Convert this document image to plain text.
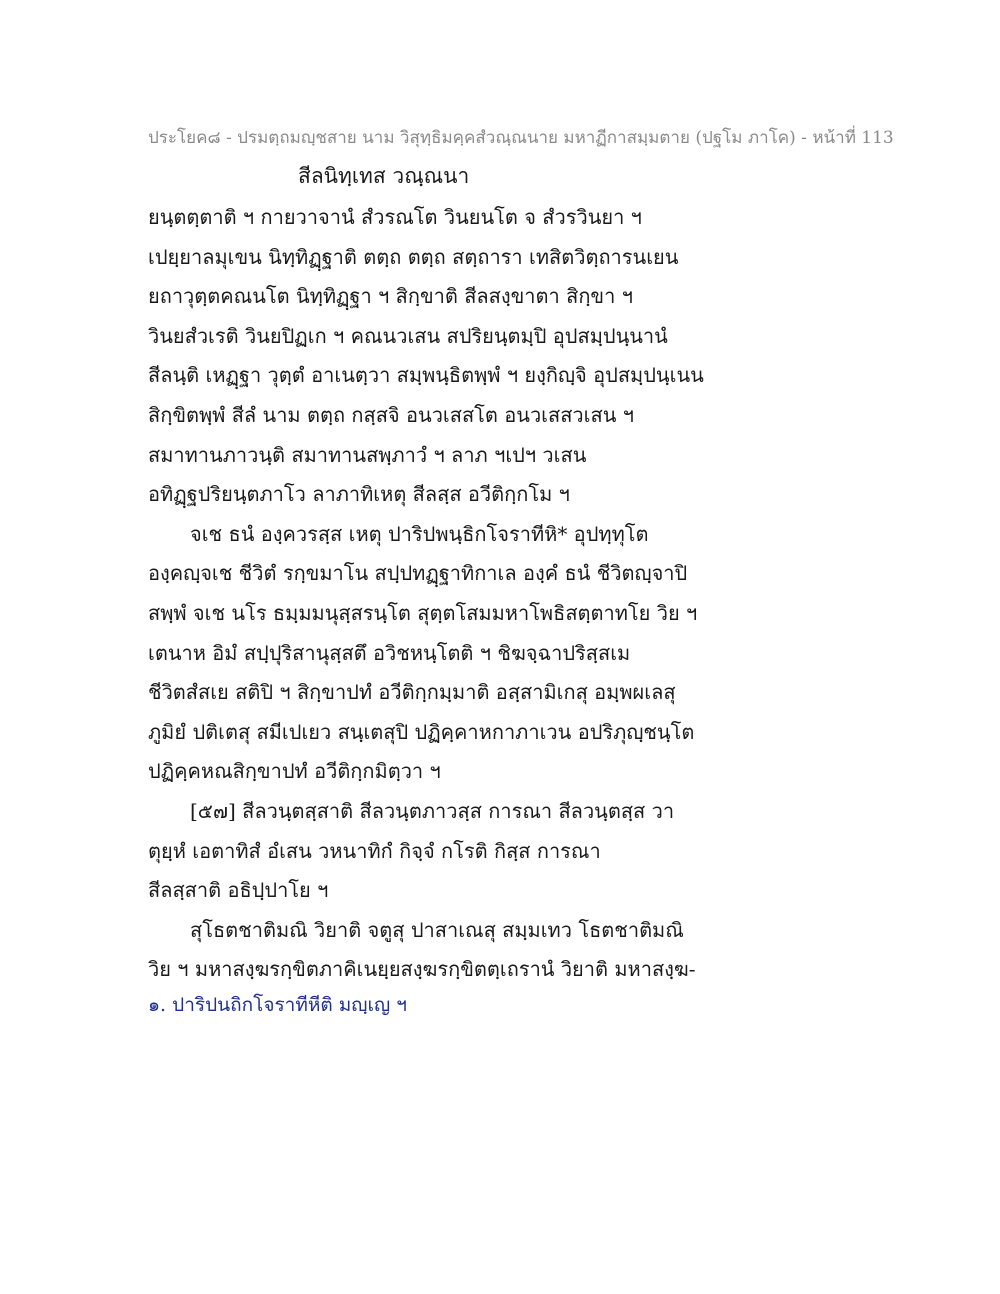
ประโยค๘ - ปรมตฺถมญฺชสาย นาม วิสุทฺธิมคฺคสํวณฺณนาย มหาฏีกาสมฺมตาย (ปฐโม ภาโค) - หน้าที่ 113
สีลนิทฺเทส วณฺณนา
ยนฺตตฺตาติ ฯ กายวาจานํ สํวรณโต วินยนโต จ สํวรวินยา ฯ
เปยฺยาลมุเขน นิทฺทิฏฺฐาติ ตตฺถ ตตฺถ สตฺถารา เทสิตวิตฺถารนเยน
ยถาวุตฺตคณนโต นิทฺทิฏฺฐา ฯ สิกฺขาติ สีลสงฺขาตา สิกฺขา ฯ
วินยสํวเรติ วินยปิฏเก ฯ คณนวเสน สปริยนฺตมฺปิ อุปสมฺปนฺนานํ
สีลนฺติ เหฏฺฐา วุตฺตํ อาเนตฺวา สมฺพนฺธิตพฺพํ ฯ ยงฺกิญฺจิ อุปสมฺปนฺเนน
สิกฺขิตพฺพํ สีลํ นาม ตตฺถ กสฺสจิ อนวเสสโต อนวเสสวเสน ฯ
สมาทานภาวนฺติ สมาทานสพฺภาวํ ฯ ลาภ ฯเปฯ วเสน
อทิฏฺฐปริยนฺตภาโว ลาภาทิเหตุ สีลสฺส อวีติกฺกโม ฯ
จเช ธนํ องฺควรสฺส เหตุ ปาริปพนฺธิกโจราทีหิ* อุปทฺทุโต
องฺคญฺจเช ชีวิตํ รกฺขมาโน สปฺปทฏฺฐาทิกาเล องฺคํ ธนํ ชีวิตญฺจาปิ
สพฺพํ จเช นโร ธมฺมมนุสฺสรนฺโต สุตฺตโสมมหาโพธิสตฺตาทโย วิย ฯ
เตนาห อิมํ สปฺปุริสานุสฺสตึ อวิชหนฺโตติ ฯ ชิฆจฺฉาปริสฺสเม
ชีวิตสํสเย สติปิ ฯ สิกฺขาปทํ อวีติกฺกมฺมาติ อสฺสามิเกสุ อมฺพผเลสุ
ภูมิยํ ปติเตสุ สมีเปเยว สนฺเตสุปิ ปฏิคฺคาหกาภาเวน อปริภุญฺชนฺโต
ปฏิคฺคหณสิกฺขาปทํ อวีติกฺกมิตฺวา ฯ
[๕๗] สีลวนฺตสฺสาติ สีลวนฺตภาวสฺส การณา สีลวนฺตสฺส วา
ตุยฺหํ เอตาทิสํ อํเสน วหนาทิกํ กิจฺจํ กโรติ กิสฺส การณา
สีลสฺสาติ อธิปฺปาโย ฯ
สุโธตชาติมณิ วิยาติ จตูสุ ปาสาเณสุ สมฺมเทว โธตชาติมณิ
วิย ฯ มหาสงฺฆรกฺขิตภาคิเนยฺยสงฺฆรกฺขิตตฺเถรานํ วิยาติ มหาสงฺฆ-
๑. ปาริปนถิกโจราทีหีติ มญฺเญ ฯ
